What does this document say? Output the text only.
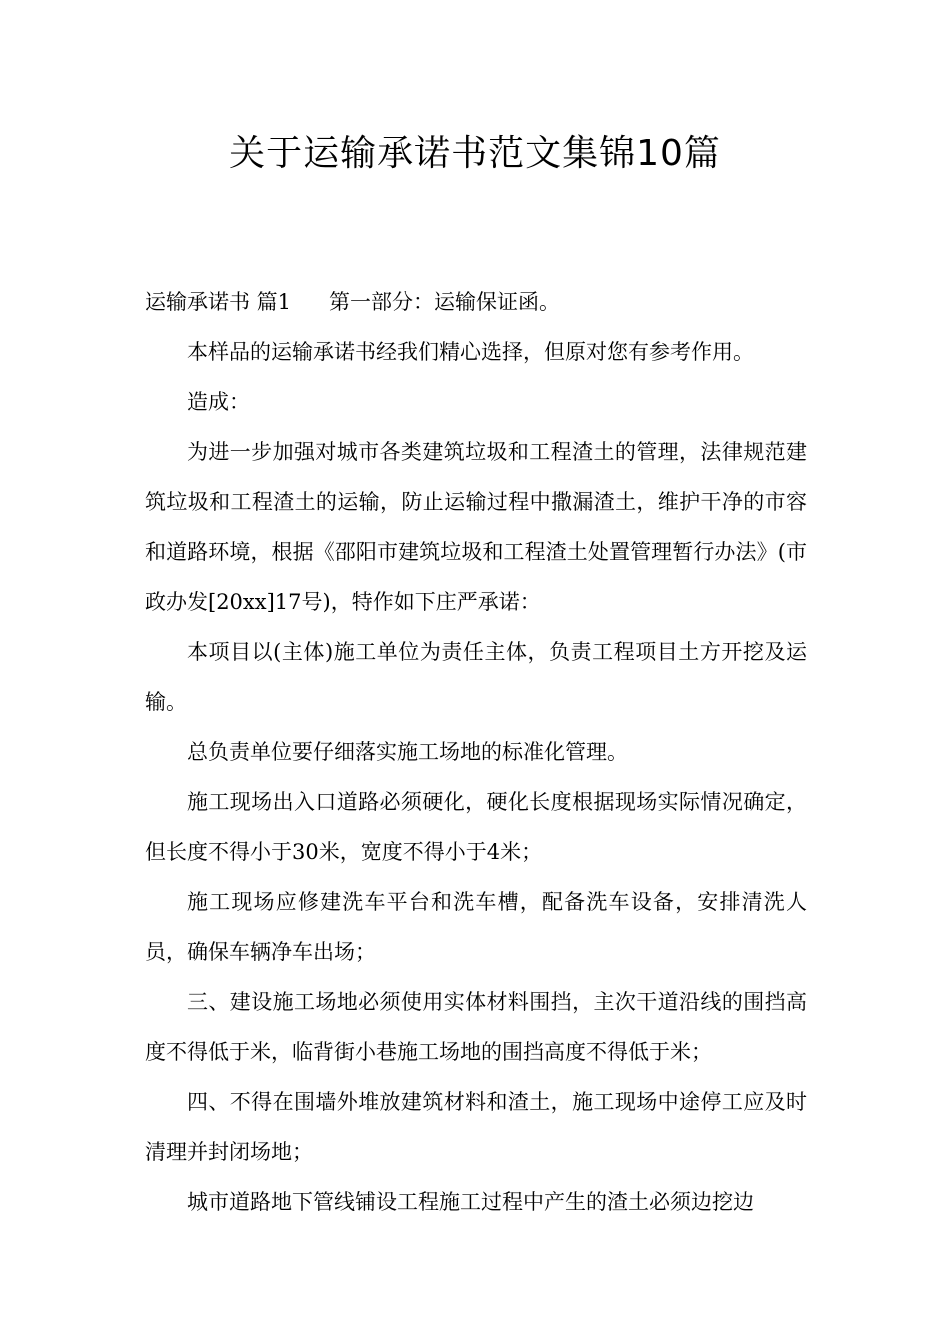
关于运输承诺书范文集锦10篇

运输承诺书 篇1 第一部分：运输保证函。

本样品的运输承诺书经我们精心选择，但原对您有参考作用。

造成：

为进一步加强对城市各类建筑垃圾和工程渣土的管理，法律规范建筑垃圾和工程渣土的运输，防止运输过程中撒漏渣土，维护干净的市容和道路环境，根据《邵阳市建筑垃圾和工程渣土处置管理暂行办法》(市政办发[20xx]17号)，特作如下庄严承诺：

本项目以(主体)施工单位为责任主体，负责工程项目土方开挖及运输。

总负责单位要仔细落实施工场地的标准化管理。

施工现场出入口道路必须硬化，硬化长度根据现场实际情况确定，但长度不得小于30米，宽度不得小于4米；

施工现场应修建洗车平台和洗车槽，配备洗车设备，安排清洗人员，确保车辆净车出场；

三、建设施工场地必须使用实体材料围挡，主次干道沿线的围挡高度不得低于米，临背街小巷施工场地的围挡高度不得低于米；

四、不得在围墙外堆放建筑材料和渣土，施工现场中途停工应及时清理并封闭场地；

城市道路地下管线铺设工程施工过程中产生的渣土必须边挖边
